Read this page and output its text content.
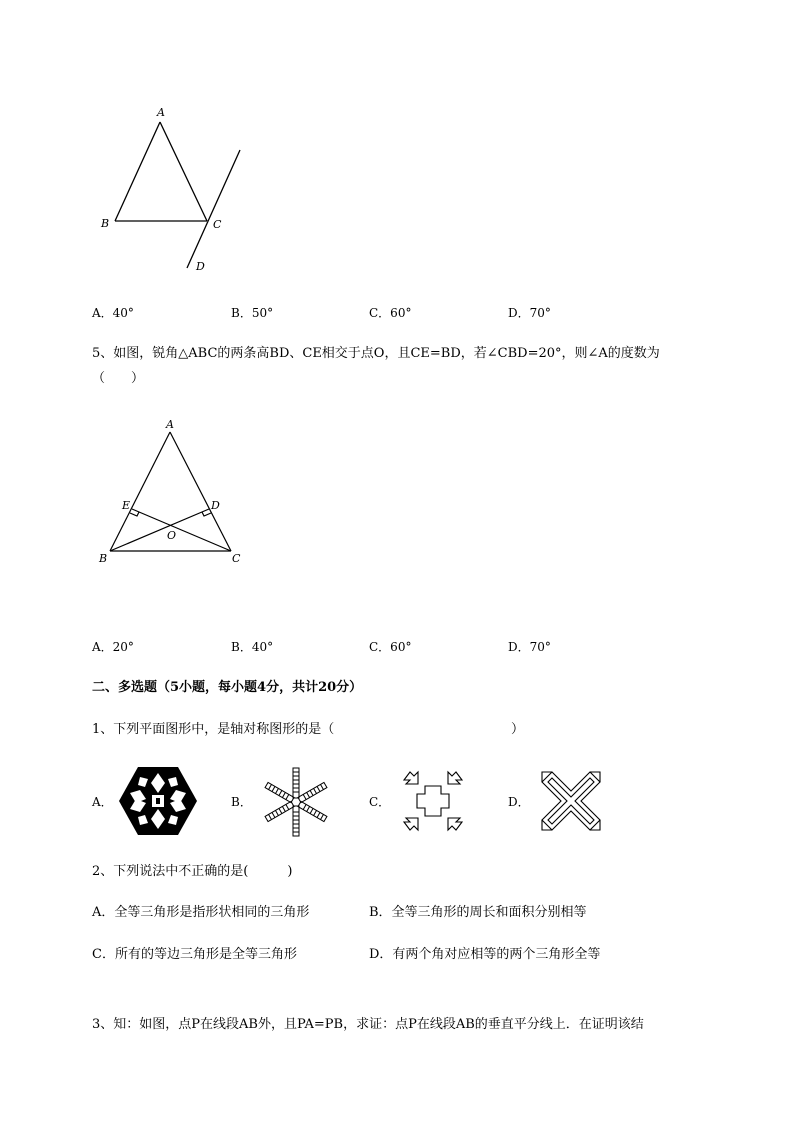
A
B	C
D
A．40°	B．50°	C．60°	D．70°
5、如图，锐角△ABC的两条高BD、CE相交于点O，且CE=BD，若∠CBD=20°，则∠A的度数为
（　　）
A
B	C
D
E
O
A．20°	B．40°	C．60°	D．70°
二、多选题（5小题，每小题4分，共计20分）
1、下列平面图形中，是轴对称图形的是（	）
A．	B．	C．	D．
2、下列说法中不正确的是(　　　)
A．全等三角形是指形状相同的三角形	B．全等三角形的周长和面积分别相等
C．所有的等边三角形是全等三角形	D．有两个角对应相等的两个三角形全等
3、知：如图，点P在线段AB外，且PA=PB，求证：点P在线段AB的垂直平分线上．在证明该结
